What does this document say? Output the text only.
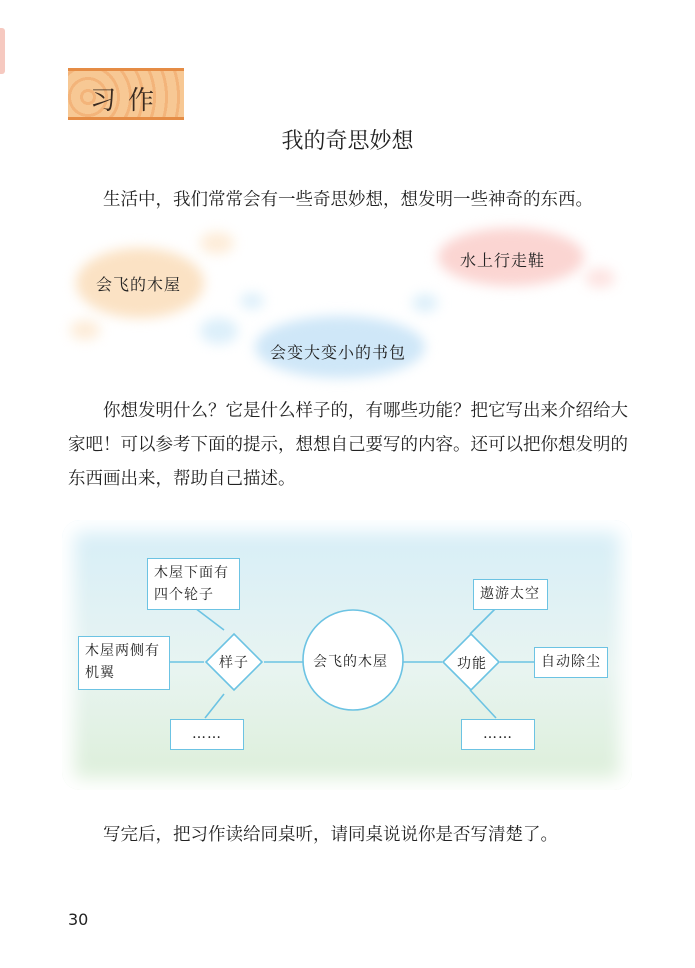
习作
我的奇思妙想

生活中，我们常常会有一些奇思妙想，想发明一些神奇的东西。

会飞的木屋
水上行走鞋
会变大变小的书包

你想发明什么？它是什么样子的，有哪些功能？把它写出来介绍给大家吧！可以参考下面的提示，想想自己要写的内容。还可以把你想发明的东西画出来，帮助自己描述。

会飞的木屋
样子	功能
木屋下面有四个轮子
木屋两侧有机翼
……
遨游太空
自动除尘
……

写完后，把习作读给同桌听，请同桌说说你是否写清楚了。

30
